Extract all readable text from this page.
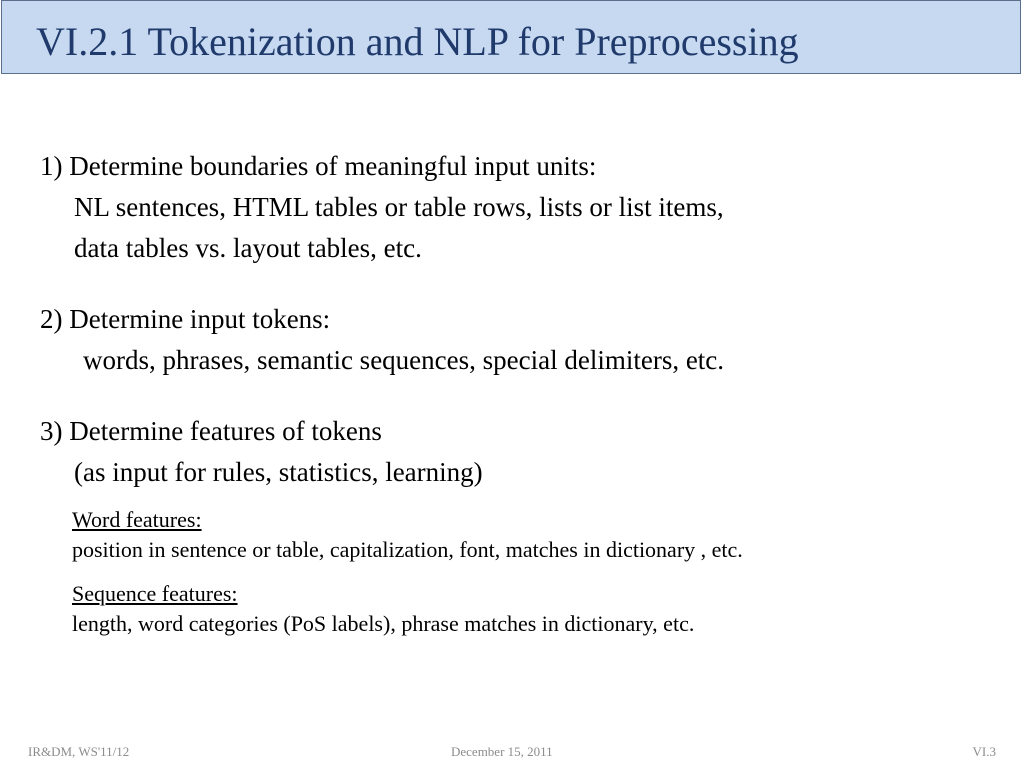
VI.2.1 Tokenization and NLP for Preprocessing
1) Determine boundaries of meaningful input units:
NL sentences, HTML tables or table rows, lists or list items,
data tables vs. layout tables, etc.
2) Determine input tokens:
words, phrases, semantic sequences, special delimiters, etc.
3) Determine features of tokens
(as input for rules, statistics, learning)
Word features:
position in sentence or table, capitalization, font, matches in dictionary , etc.
Sequence features:
length, word categories (PoS labels), phrase matches in dictionary, etc.
IR&DM, WS'11/12	December 15, 2011	VI.3
